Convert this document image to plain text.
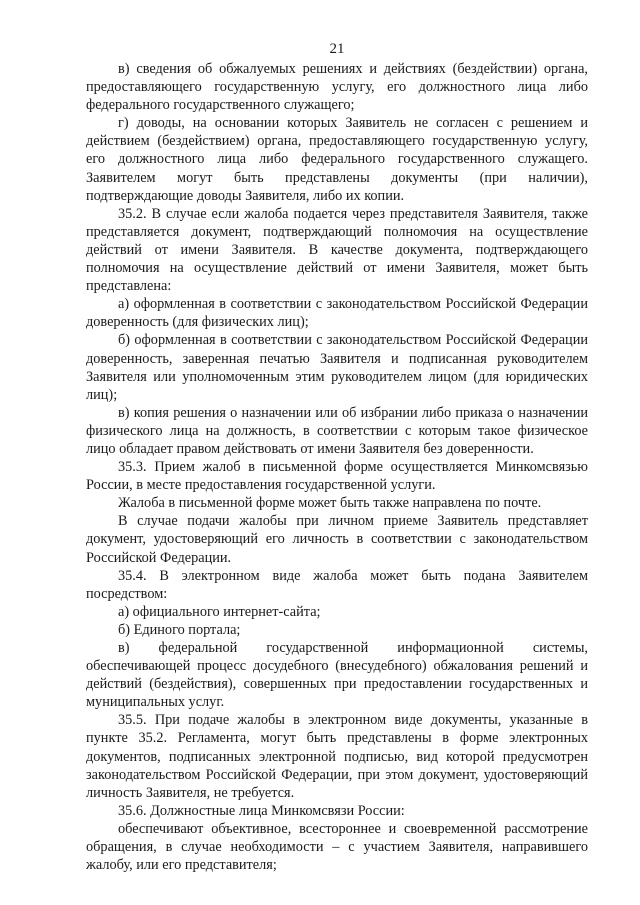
21

в) сведения об обжалуемых решениях и действиях (бездействии) органа, предоставляющего государственную услугу, его должностного лица либо федерального государственного служащего;

г) доводы, на основании которых Заявитель не согласен с решением и действием (бездействием) органа, предоставляющего государственную услугу, его должностного лица либо федерального государственного служащего. Заявителем могут быть представлены документы (при наличии), подтверждающие доводы Заявителя, либо их копии.

35.2. В случае если жалоба подается через представителя Заявителя, также представляется документ, подтверждающий полномочия на осуществление действий от имени Заявителя. В качестве документа, подтверждающего полномочия на осуществление действий от имени Заявителя, может быть представлена:

а) оформленная в соответствии с законодательством Российской Федерации доверенность (для физических лиц);

б) оформленная в соответствии с законодательством Российской Федерации доверенность, заверенная печатью Заявителя и подписанная руководителем Заявителя или уполномоченным этим руководителем лицом (для юридических лиц);

в) копия решения о назначении или об избрании либо приказа о назначении физического лица на должность, в соответствии с которым такое физическое лицо обладает правом действовать от имени Заявителя без доверенности.

35.3. Прием жалоб в письменной форме осуществляется Минкомсвязью России, в месте предоставления государственной услуги.

Жалоба в письменной форме может быть также направлена по почте.

В случае подачи жалобы при личном приеме Заявитель представляет документ, удостоверяющий его личность в соответствии с законодательством Российской Федерации.

35.4. В электронном виде жалоба может быть подана Заявителем посредством:

а) официального интернет-сайта;

б) Единого портала;

в) федеральной государственной информационной системы, обеспечивающей процесс досудебного (внесудебного) обжалования решений и действий (бездействия), совершенных при предоставлении государственных и муниципальных услуг.

35.5. При подаче жалобы в электронном виде документы, указанные в пункте 35.2. Регламента, могут быть представлены в форме электронных документов, подписанных электронной подписью, вид которой предусмотрен законодательством Российской Федерации, при этом документ, удостоверяющий личность Заявителя, не требуется.

35.6. Должностные лица Минкомсвязи России:

обеспечивают объективное, всестороннее и своевременной рассмотрение обращения, в случае необходимости – с участием Заявителя, направившего жалобу, или его представителя;
